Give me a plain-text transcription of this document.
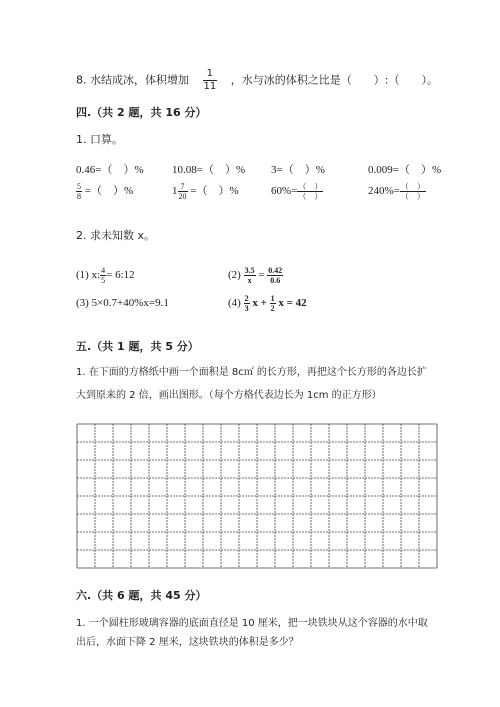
8. 水结成冰，体积增加 $\frac{1}{11}$ ，水与冰的体积之比是（　　）:（　　）。
四.（共 2 题，共 16 分）
1. 口算。
0.46=（　）%	10.08=（　）% 3=（　）%	0.009=（　）%
$\frac{5}{8}$ =（　）%	$1 \frac{7}{20}$ =（　）%	$60\%= \frac{( )}{( )}$	$240\%= \frac{( )}{( )}$
2. 求未知数 x。
(1) x: $\frac{4}{5}$ = 6:12	$(2) \frac{3.5}{x} = \frac{0.42}{0.6}$
(3) 5×0.7+40%x=9.1	$(4) \frac{2}{3}$ $x + \frac{1}{2}$ x = 42
五.（共 1 题，共 5 分）
1. 在下面的方格纸中画一个面积是 8c㎡ 的长方形，再把这个长方形的各边长扩
大到原来的 2 倍，画出图形。（每个方格代表边长为 1cm 的正方形）
六.（共 6 题，共 45 分）
1. 一个圆柱形玻璃容器的底面直径是 10 厘米，把一块铁块从这个容器的水中取
出后，水面下降 2 厘米，这块铁块的体积是多少？
